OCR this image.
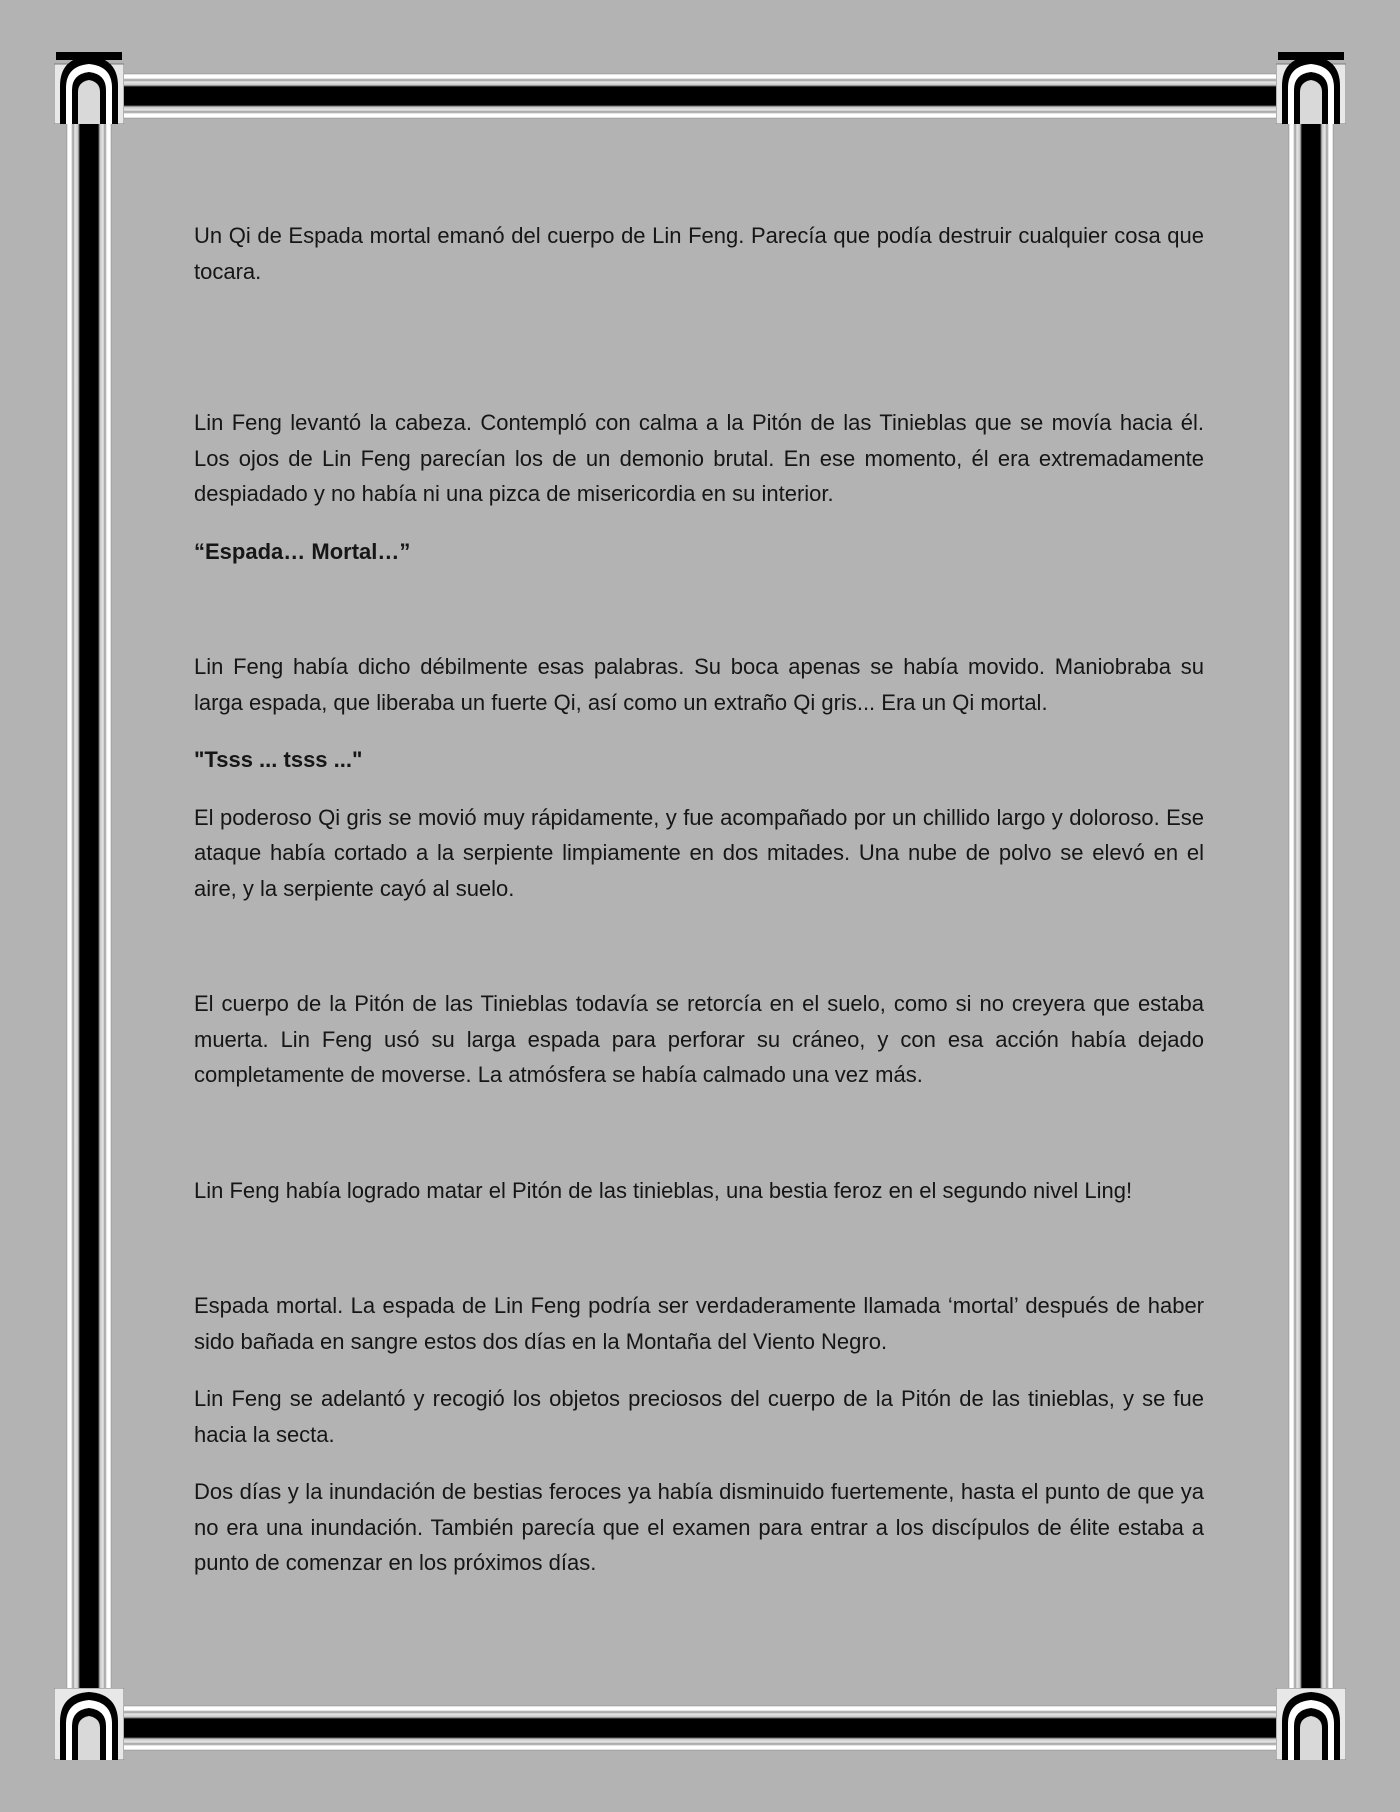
Un Qi de Espada mortal emanó del cuerpo de Lin Feng. Parecía que podía destruir cualquier cosa que tocara.

Lin Feng levantó la cabeza. Contempló con calma a la Pitón de las Tinieblas que se movía hacia él. Los ojos de Lin Feng parecían los de un demonio brutal. En ese momento, él era extremadamente despiadado y no había ni una pizca de misericordia en su interior.

“Espada… Mortal…”

Lin Feng había dicho débilmente esas palabras. Su boca apenas se había movido. Maniobraba su larga espada, que liberaba un fuerte Qi, así como un extraño Qi gris... Era un Qi mortal.

"Tsss ... tsss ..."

El poderoso Qi gris se movió muy rápidamente, y fue acompañado por un chillido largo y doloroso. Ese ataque había cortado a la serpiente limpiamente en dos mitades. Una nube de polvo se elevó en el aire, y la serpiente cayó al suelo.

El cuerpo de la Pitón de las Tinieblas todavía se retorcía en el suelo, como si no creyera que estaba muerta. Lin Feng usó su larga espada para perforar su cráneo, y con esa acción había dejado completamente de moverse. La atmósfera se había calmado una vez más.

Lin Feng había logrado matar el Pitón de las tinieblas, una bestia feroz en el segundo nivel Ling!

Espada mortal. La espada de Lin Feng podría ser verdaderamente llamada ‘mortal’ después de haber sido bañada en sangre estos dos días en la Montaña del Viento Negro.

Lin Feng se adelantó y recogió los objetos preciosos del cuerpo de la Pitón de las tinieblas, y se fue hacia la secta.

Dos días y la inundación de bestias feroces ya había disminuido fuertemente, hasta el punto de que ya no era una inundación. También parecía que el examen para entrar a los discípulos de élite estaba a punto de comenzar en los próximos días.
